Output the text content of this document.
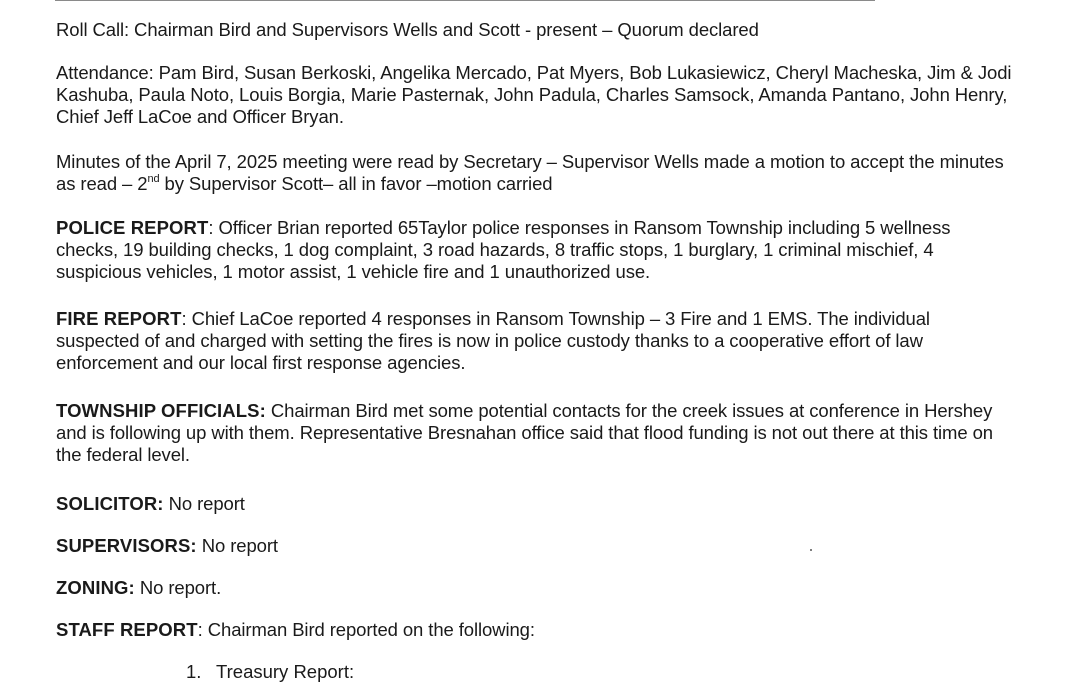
Roll Call: Chairman Bird and Supervisors Wells and Scott - present – Quorum declared

Attendance: Pam Bird, Susan Berkoski, Angelika Mercado, Pat Myers, Bob Lukasiewicz, Cheryl Macheska, Jim & Jodi Kashuba, Paula Noto, Louis Borgia, Marie Pasternak, John Padula, Charles Samsock, Amanda Pantano, John Henry, Chief Jeff LaCoe and Officer Bryan.

Minutes of the April 7, 2025 meeting were read by Secretary – Supervisor Wells made a motion to accept the minutes as read – 2nd by Supervisor Scott– all in favor –motion carried

POLICE REPORT: Officer Brian reported 65Taylor police responses in Ransom Township including 5 wellness checks, 19 building checks, 1 dog complaint, 3 road hazards, 8 traffic stops, 1 burglary, 1 criminal mischief, 4 suspicious vehicles, 1 motor assist, 1 vehicle fire and 1 unauthorized use.

FIRE REPORT: Chief LaCoe reported 4 responses in Ransom Township – 3 Fire and 1 EMS. The individual suspected of and charged with setting the fires is now in police custody thanks to a cooperative effort of law enforcement and our local first response agencies.

TOWNSHIP OFFICIALS: Chairman Bird met some potential contacts for the creek issues at conference in Hershey and is following up with them. Representative Bresnahan office said that flood funding is not out there at this time on the federal level.

SOLICITOR: No report

SUPERVISORS: No report

ZONING: No report.

STAFF REPORT: Chairman Bird reported on the following:

1. Treasury Report:
